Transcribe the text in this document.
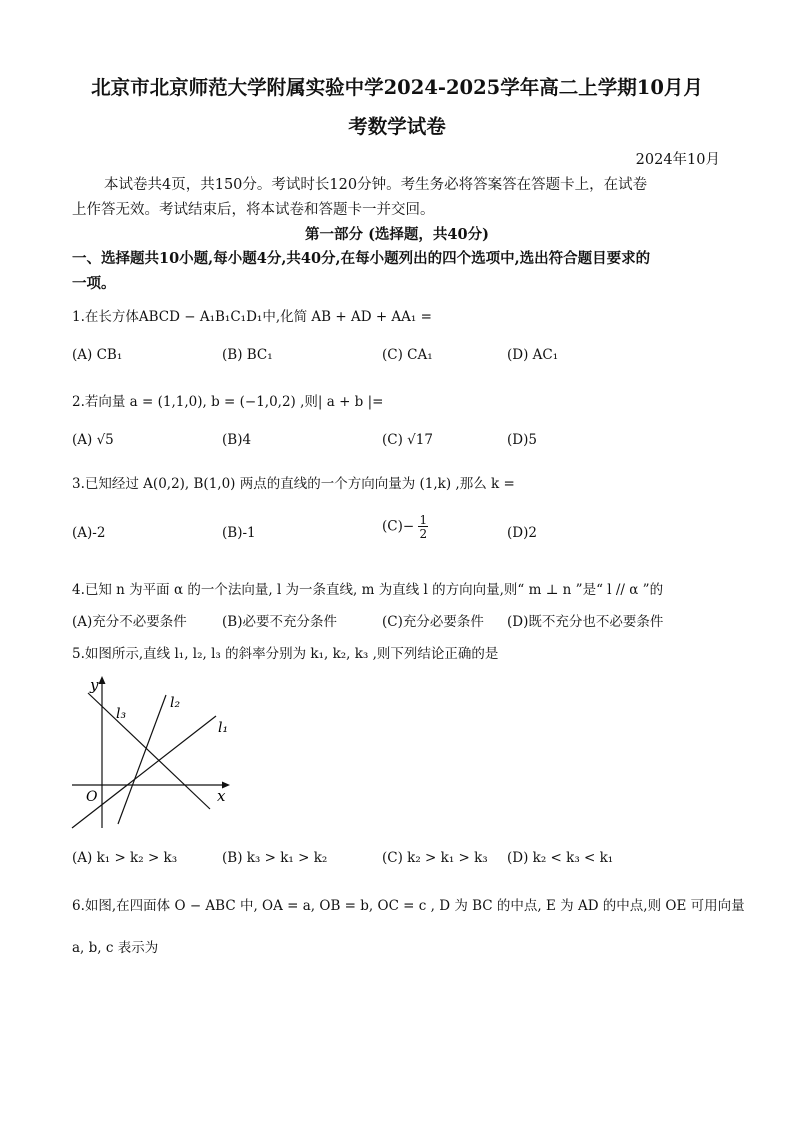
北京市北京师范大学附属实验中学2024-2025学年高二上学期10月月
考数学试卷
2024年10月
本试卷共4页，共150分。考试时长120分钟。考生务必将答案答在答题卡上，在试卷
上作答无效。考试结束后，将本试卷和答题卡一并交回。
第一部分 (选择题，共40分)
一、选择题共10小题,每小题4分,共40分,在每小题列出的四个选项中,选出符合题目要求的
一项。
1.在长方体ABCD − A₁B₁C₁D₁中,化简 AB + AD + AA₁ =
(A) CB₁	(B) BC₁	(C) CA₁	(D) AC₁
2.若向量 a = (1,1,0), b = (−1,0,2) ,则| a + b |=
(A) √5	(B)4	(C) √17	(D)5
3.已知经过 A(0,2), B(1,0) 两点的直线的一个方向向量为 (1,k) ,那么 k =
(A)-2	(B)-1	$(C)- \frac{1}{2}$	(D)2
4.已知 n 为平面 α 的一个法向量, l 为一条直线, m 为直线 l 的方向向量,则“ m ⊥ n ”是“ l // α ”的
(A)充分不必要条件	(B)必要不充分条件	(C)充分必要条件 (D)既不充分也不必要条件
5.如图所示,直线 l₁, l₂, l₃ 的斜率分别为 k₁, k₂, k₃ ,则下列结论正确的是
y
x
O
l₁
l₂
l₃
(A) k₁ > k₂ > k₃	(B) k₃ > k₁ > k₂	(C) k₂ > k₁ > k₃ (D) k₂ < k₃ < k₁
6.如图,在四面体 O − ABC 中, OA = a, OB = b, OC = c , D 为 BC 的中点, E 为 AD 的中点,则 OE 可用向量
a, b, c 表示为
